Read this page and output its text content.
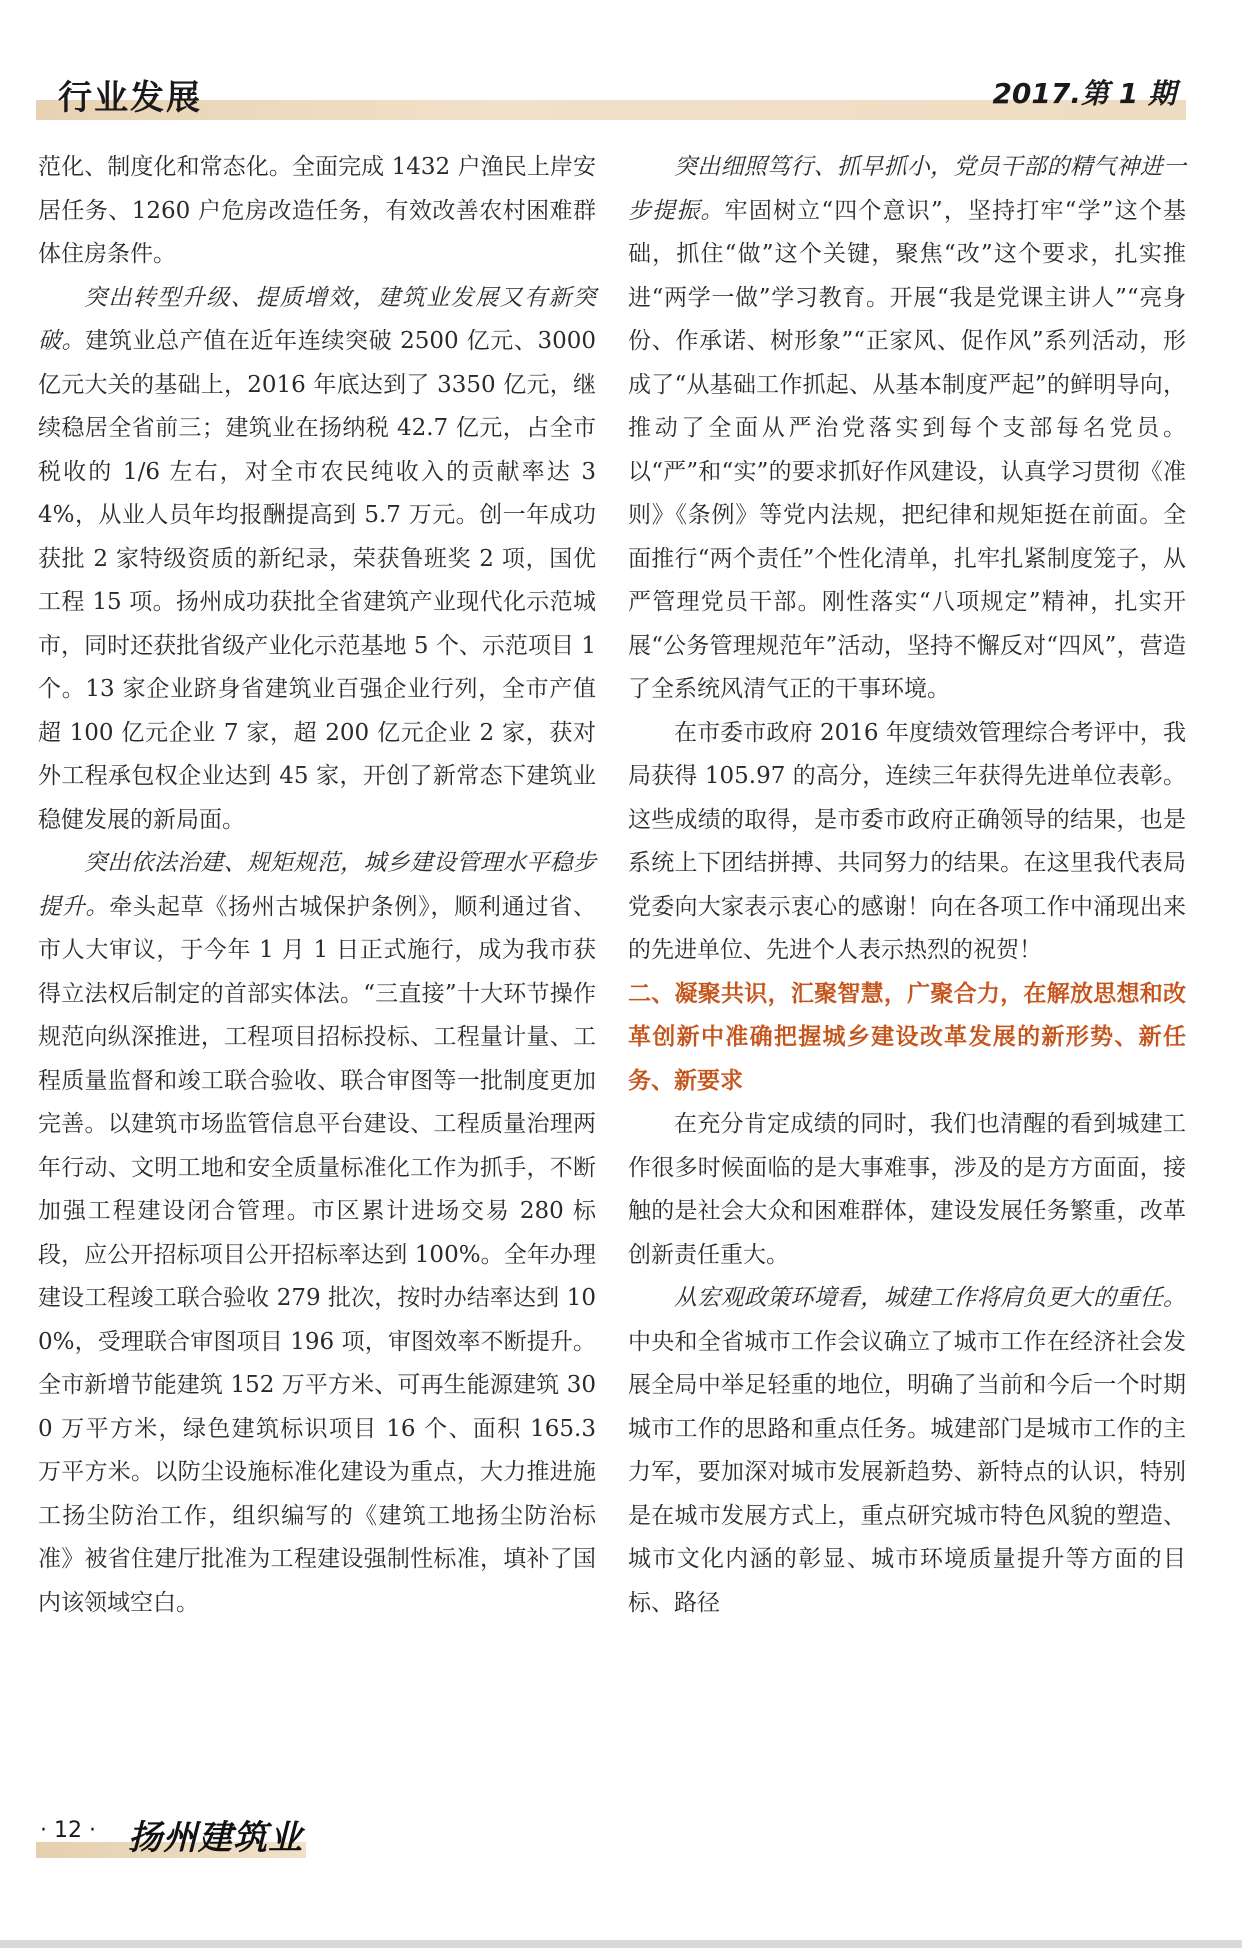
行业发展	2017.第 1 期

范化、制度化和常态化。全面完成 1432 户渔民上岸安居任务、1260 户危房改造任务，有效改善农村困难群体住房条件。

突出转型升级、提质增效，建筑业发展又有新突破。建筑业总产值在近年连续突破 2500 亿元、3000 亿元大关的基础上，2016 年底达到了 3350 亿元，继续稳居全省前三；建筑业在扬纳税 42.7 亿元，占全市税收的 1/6 左右，对全市农民纯收入的贡献率达 34%，从业人员年均报酬提高到 5.7 万元。创一年成功获批 2 家特级资质的新纪录，荣获鲁班奖 2 项，国优工程 15 项。扬州成功获批全省建筑产业现代化示范城市，同时还获批省级产业化示范基地 5 个、示范项目 1 个。13 家企业跻身省建筑业百强企业行列，全市产值超 100 亿元企业 7 家，超 200 亿元企业 2 家，获对外工程承包权企业达到 45 家，开创了新常态下建筑业稳健发展的新局面。

突出依法治建、规矩规范，城乡建设管理水平稳步提升。牵头起草《扬州古城保护条例》，顺利通过省、市人大审议，于今年 1 月 1 日正式施行，成为我市获得立法权后制定的首部实体法。“三直接”十大环节操作规范向纵深推进，工程项目招标投标、工程量计量、工程质量监督和竣工联合验收、联合审图等一批制度更加完善。以建筑市场监管信息平台建设、工程质量治理两年行动、文明工地和安全质量标准化工作为抓手，不断加强工程建设闭合管理。市区累计进场交易 280 标段，应公开招标项目公开招标率达到 100%。全年办理建设工程竣工联合验收 279 批次，按时办结率达到 100%，受理联合审图项目 196 项，审图效率不断提升。全市新增节能建筑 152 万平方米、可再生能源建筑 300 万平方米，绿色建筑标识项目 16 个、面积 165.3 万平方米。以防尘设施标准化建设为重点，大力推进施工扬尘防治工作，组织编写的《建筑工地扬尘防治标准》被省住建厅批准为工程建设强制性标准，填补了国内该领域空白。

突出细照笃行、抓早抓小，党员干部的精气神进一步提振。牢固树立“四个意识”，坚持打牢“学”这个基础，抓住“做”这个关键，聚焦“改”这个要求，扎实推进“两学一做”学习教育。开展“我是党课主讲人”“亮身份、作承诺、树形象”“正家风、促作风”系列活动，形成了“从基础工作抓起、从基本制度严起”的鲜明导向，推动了全面从严治党落实到每个支部每名党员。以“严”和“实”的要求抓好作风建设，认真学习贯彻《准则》《条例》等党内法规，把纪律和规矩挺在前面。全面推行“两个责任”个性化清单，扎牢扎紧制度笼子，从严管理党员干部。刚性落实“八项规定”精神，扎实开展“公务管理规范年”活动，坚持不懈反对“四风”，营造了全系统风清气正的干事环境。

在市委市政府 2016 年度绩效管理综合考评中，我局获得 105.97 的高分，连续三年获得先进单位表彰。这些成绩的取得，是市委市政府正确领导的结果，也是系统上下团结拼搏、共同努力的结果。在这里我代表局党委向大家表示衷心的感谢！向在各项工作中涌现出来的先进单位、先进个人表示热烈的祝贺！

二、凝聚共识，汇聚智慧，广聚合力，在解放思想和改革创新中准确把握城乡建设改革发展的新形势、新任务、新要求

在充分肯定成绩的同时，我们也清醒的看到城建工作很多时候面临的是大事难事，涉及的是方方面面，接触的是社会大众和困难群体，建设发展任务繁重，改革创新责任重大。

从宏观政策环境看，城建工作将肩负更大的重任。中央和全省城市工作会议确立了城市工作在经济社会发展全局中举足轻重的地位，明确了当前和今后一个时期城市工作的思路和重点任务。城建部门是城市工作的主力军，要加深对城市发展新趋势、新特点的认识，特别是在城市发展方式上，重点研究城市特色风貌的塑造、城市文化内涵的彰显、城市环境质量提升等方面的目标、路径

· 12 · 扬州建筑业
